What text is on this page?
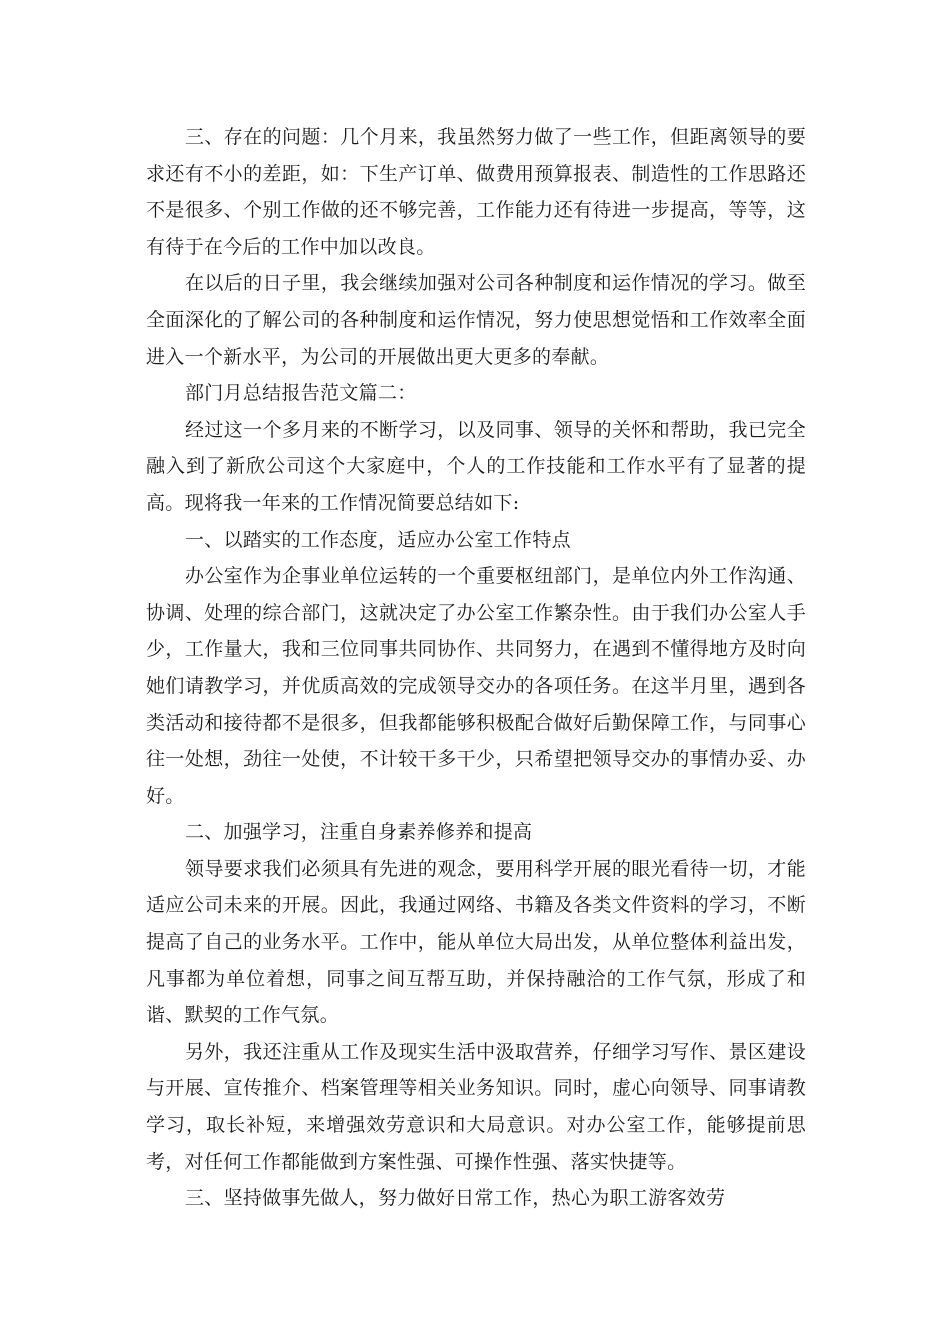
三、存在的问题：几个月来，我虽然努力做了一些工作，但距离领导的要求还有不小的差距，如：下生产订单、做费用预算报表、制造性的工作思路还不是很多、个别工作做的还不够完善，工作能力还有待进一步提高，等等，这有待于在今后的工作中加以改良。

在以后的日子里，我会继续加强对公司各种制度和运作情况的学习。做至全面深化的了解公司的各种制度和运作情况，努力使思想觉悟和工作效率全面进入一个新水平，为公司的开展做出更大更多的奉献。

部门月总结报告范文篇二：

经过这一个多月来的不断学习，以及同事、领导的关怀和帮助，我已完全融入到了新欣公司这个大家庭中，个人的工作技能和工作水平有了显著的提高。现将我一年来的工作情况简要总结如下:

一、以踏实的工作态度，适应办公室工作特点

办公室作为企事业单位运转的一个重要枢纽部门，是单位内外工作沟通、协调、处理的综合部门，这就决定了办公室工作繁杂性。由于我们办公室人手少，工作量大，我和三位同事共同协作、共同努力，在遇到不懂得地方及时向她们请教学习，并优质高效的完成领导交办的各项任务。在这半月里，遇到各类活动和接待都不是很多，但我都能够积极配合做好后勤保障工作，与同事心往一处想，劲往一处使，不计较干多干少，只希望把领导交办的事情办妥、办好。

二、加强学习，注重自身素养修养和提高

领导要求我们必须具有先进的观念，要用科学开展的眼光看待一切，才能适应公司未来的开展。因此，我通过网络、书籍及各类文件资料的学习，不断提高了自己的业务水平。工作中，能从单位大局出发，从单位整体利益出发，凡事都为单位着想，同事之间互帮互助，并保持融洽的工作气氛，形成了和谐、默契的工作气氛。

另外，我还注重从工作及现实生活中汲取营养，仔细学习写作、景区建设与开展、宣传推介、档案管理等相关业务知识。同时，虚心向领导、同事请教学习，取长补短，来增强效劳意识和大局意识。对办公室工作，能够提前思考，对任何工作都能做到方案性强、可操作性强、落实快捷等。

三、坚持做事先做人，努力做好日常工作，热心为职工游客效劳
